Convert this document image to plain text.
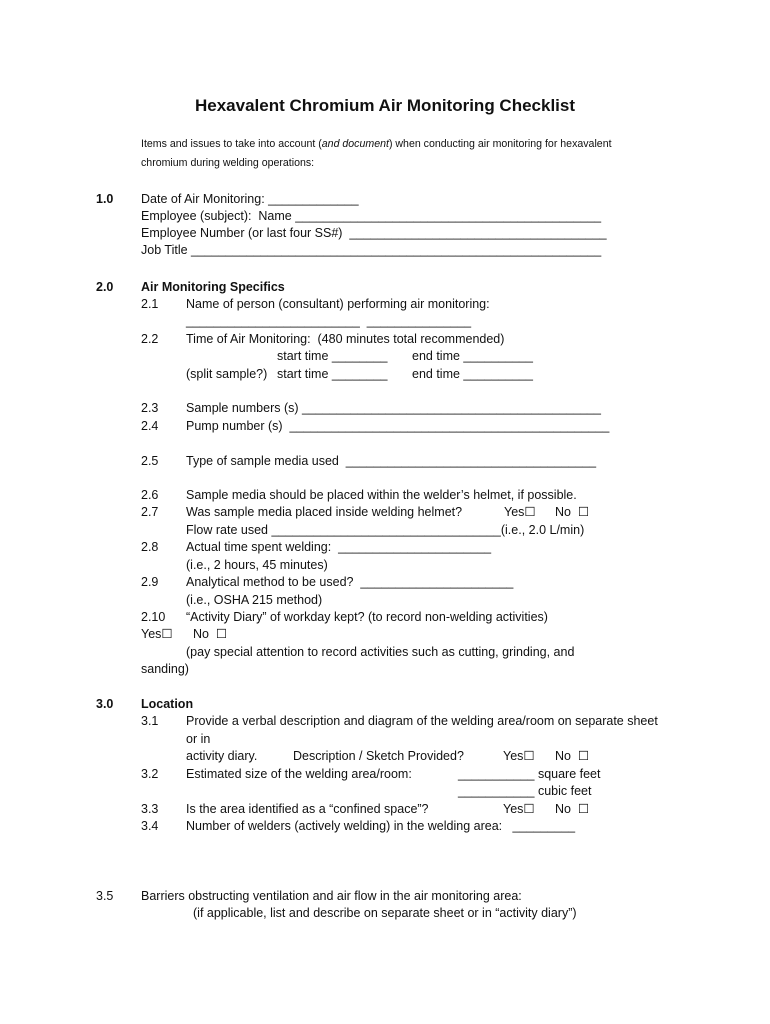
Hexavalent Chromium Air Monitoring Checklist
Items and issues to take into account (and document) when conducting air monitoring for hexavalent
chromium during welding operations:
1.0 Date of Air Monitoring: _____________
Employee (subject):  Name ____________________________________________
Employee Number (or last four SS#)  _____________________________________
Job Title ___________________________________________________________
2.0 Air Monitoring Specifics
2.1 Name of person (consultant) performing air monitoring:
_________________________  _______________
2.2 Time of Air Monitoring:  (480 minutes total recommended)
start time ________ end time __________
(split sample?) start time ________ end time __________
2.3 Sample numbers (s) ___________________________________________
2.4 Pump number (s)  ______________________________________________
2.5 Type of sample media used  ____________________________________
2.6 Sample media should be placed within the welder’s helmet, if possible.
2.7 Was sample media placed inside welding helmet?	Yes☐ No  ☐
Flow rate used _________________________________(i.e., 2.0 L/min)
2.8 Actual time spent welding:  ______________________
(i.e., 2 hours, 45 minutes)
2.9 Analytical method to be used?  ______________________
(i.e., OSHA 215 method)
2.10 “Activity Diary” of workday kept? (to record non-welding activities)
Yes☐ No  ☐
(pay special attention to record activities such as cutting, grinding, and
sanding)
3.0 Location
3.1 Provide a verbal description and diagram of the welding area/room on separate sheet
or in
activity diary.	Description / Sketch Provided?	Yes☐ No  ☐
3.2 Estimated size of the welding area/room:	___________ square feet
___________ cubic feet
3.3 Is the area identified as a “confined space”?	Yes☐ No  ☐
3.4 Number of welders (actively welding) in the welding area:   _________
3.5 Barriers obstructing ventilation and air flow in the air monitoring area:
(if applicable, list and describe on separate sheet or in “activity diary”)
